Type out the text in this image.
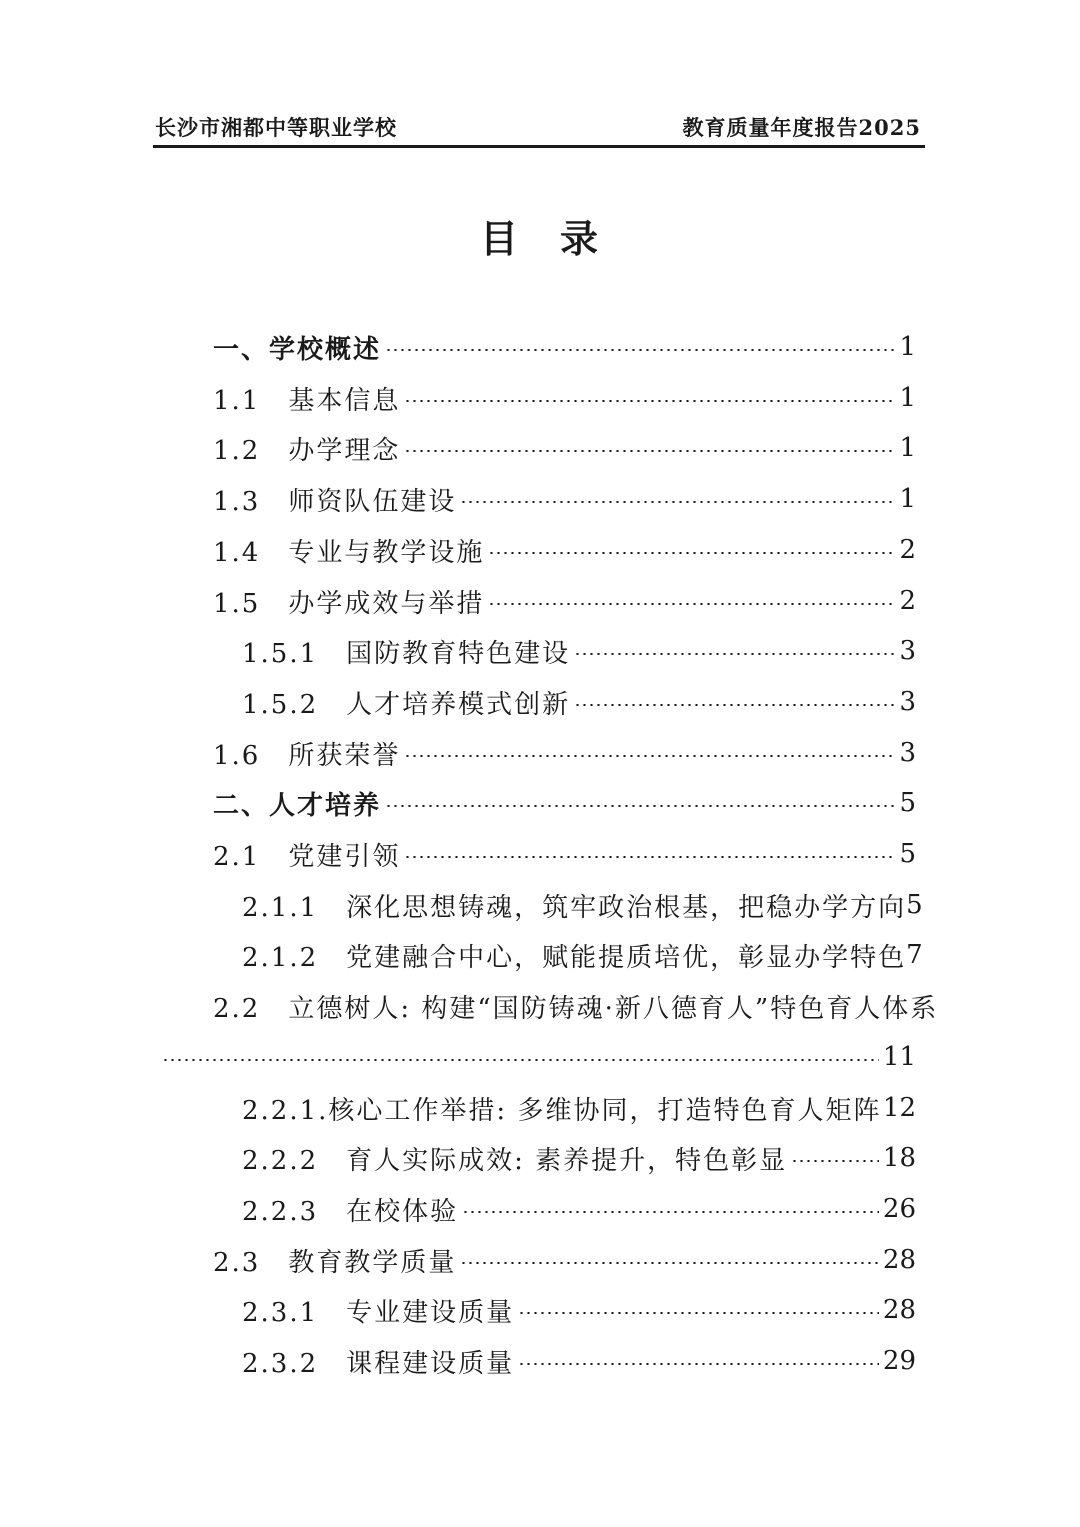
长沙市湘都中等职业学校	教育质量年度报告2025
目　录
一、学校概述	1
1.1　基本信息	1
1.2　办学理念	1
1.3　师资队伍建设	1
1.4　专业与教学设施	2
1.5　办学成效与举措	2
1.5.1　国防教育特色建设	3
1.5.2　人才培养模式创新	3
1.6　所获荣誉	3
二、人才培养	5
2.1　党建引领	5
2.1.1　深化思想铸魂，筑牢政治根基，把稳办学方向 5
2.1.2　党建融合中心，赋能提质培优，彰显办学特色 7
2.2　立德树人: 构建“国防铸魂·新八德育人”特色育人体系
11
2.2.1.核心工作举措: 多维协同，打造特色育人矩阵 12
2.2.2　育人实际成效: 素养提升，特色彰显	18
2.2.3　在校体验	26
2.3　教育教学质量	28
2.3.1　专业建设质量	28
2.3.2　课程建设质量	29
